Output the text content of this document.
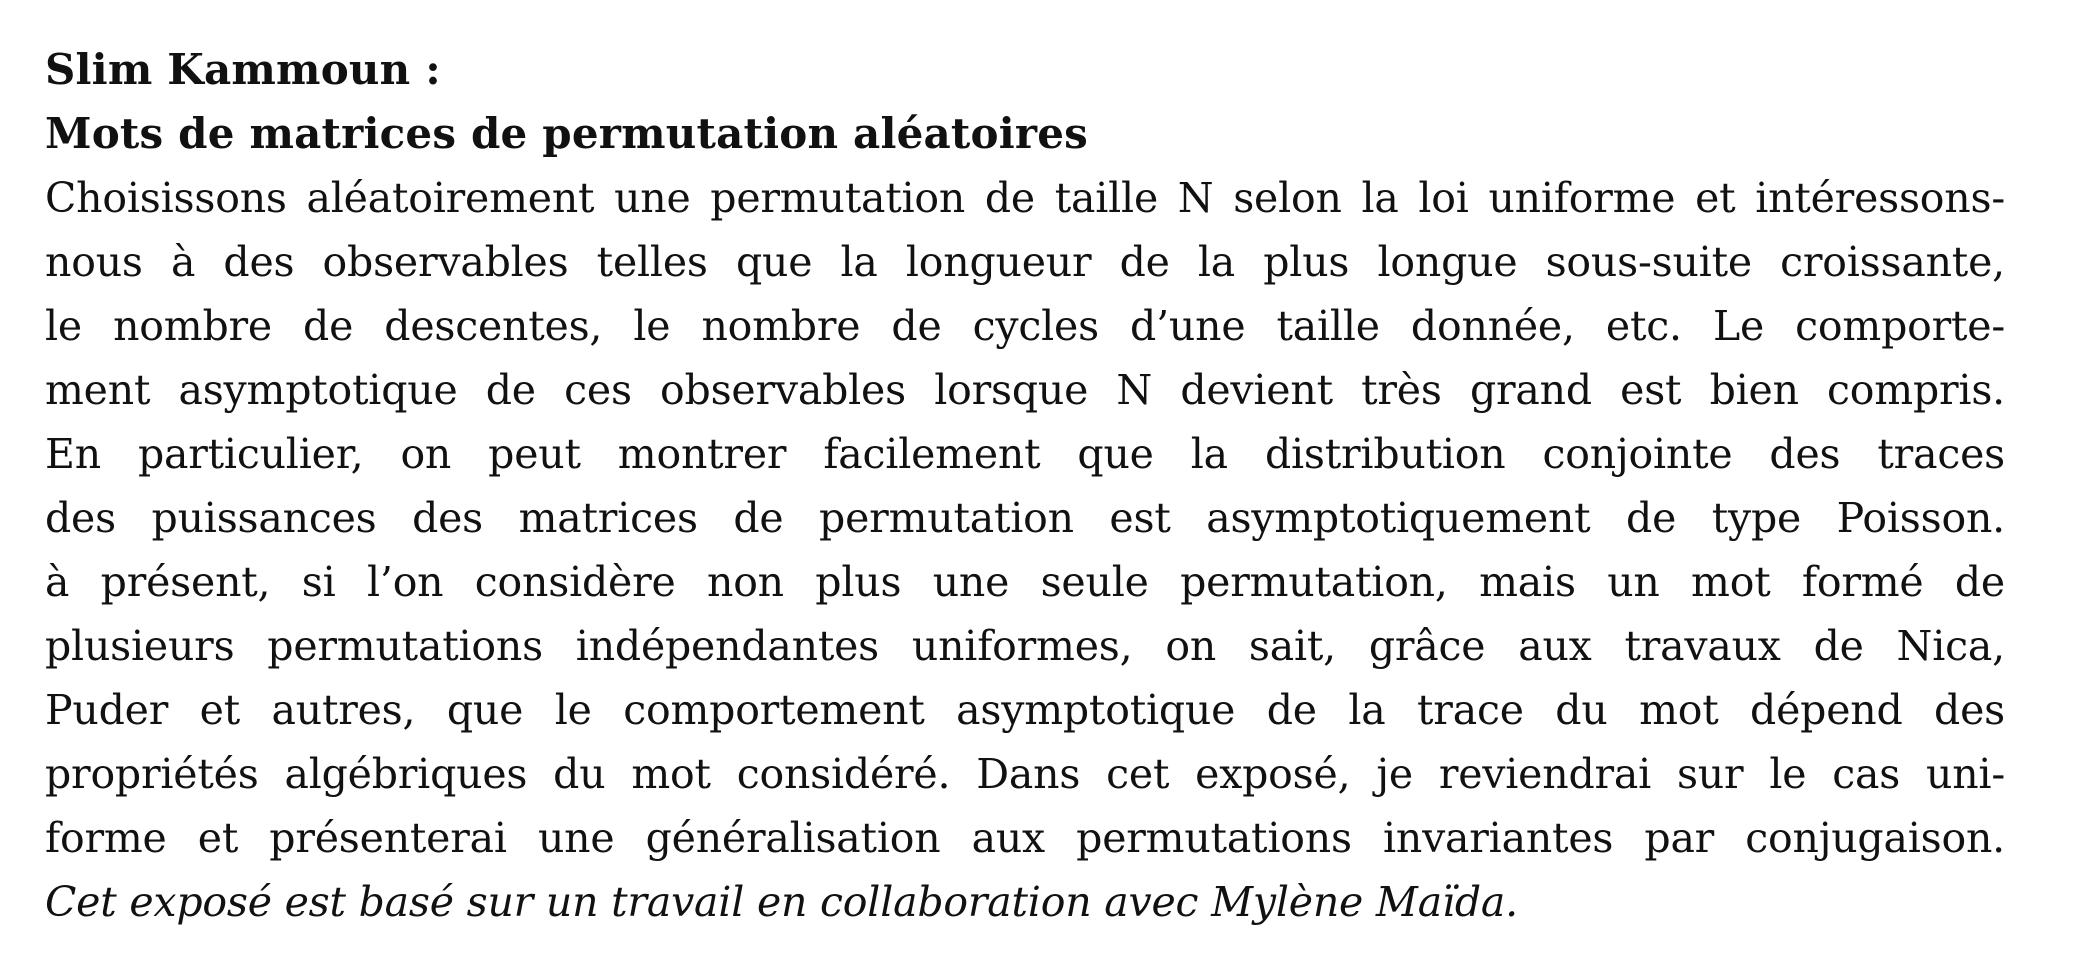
Slim Kammoun :
Mots de matrices de permutation aléatoires
Choisissons aléatoirement une permutation de taille N selon la loi uniforme et intéressons-
nous à des observables telles que la longueur de la plus longue sous-suite croissante,
le nombre de descentes, le nombre de cycles d’une taille donnée, etc. Le comporte-
ment asymptotique de ces observables lorsque N devient très grand est bien compris.
En particulier, on peut montrer facilement que la distribution conjointe des traces
des puissances des matrices de permutation est asymptotiquement de type Poisson.
à présent, si l’on considère non plus une seule permutation, mais un mot formé de
plusieurs permutations indépendantes uniformes, on sait, grâce aux travaux de Nica,
Puder et autres, que le comportement asymptotique de la trace du mot dépend des
propriétés algébriques du mot considéré. Dans cet exposé, je reviendrai sur le cas uni-
forme et présenterai une généralisation aux permutations invariantes par conjugaison.
Cet exposé est basé sur un travail en collaboration avec Mylène Maïda.
